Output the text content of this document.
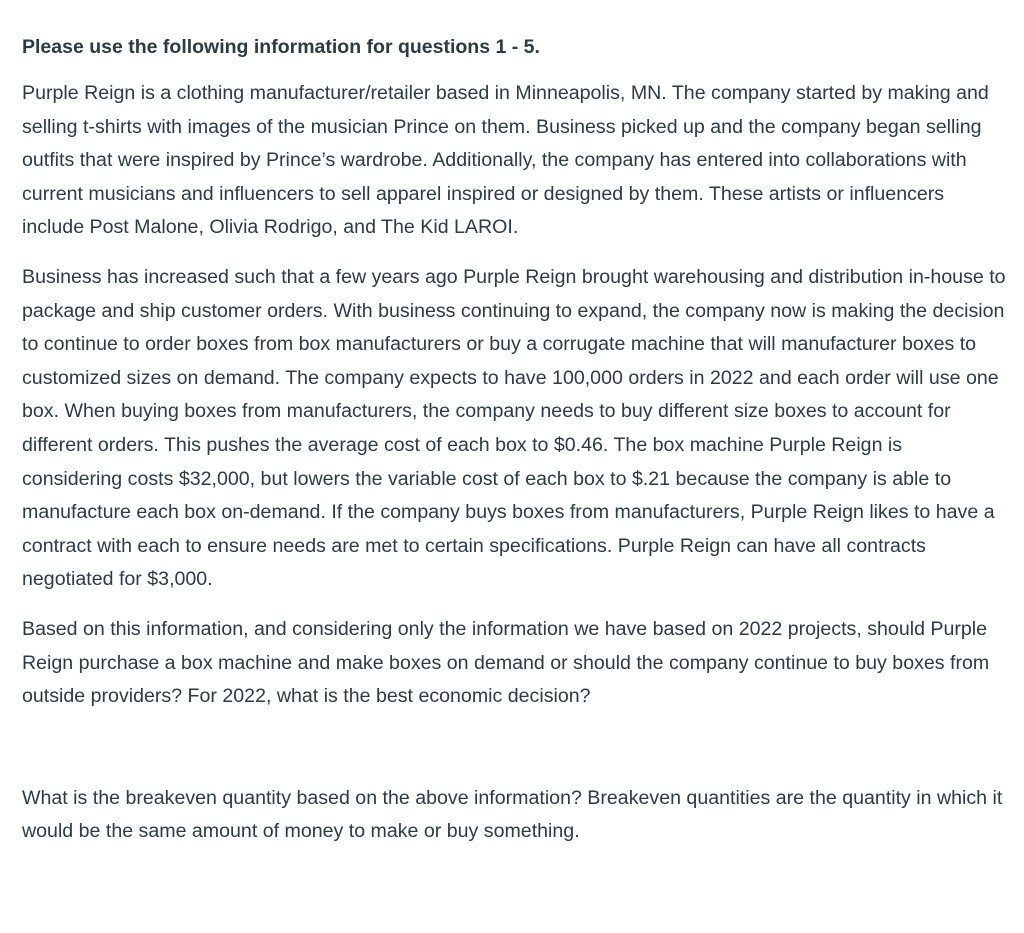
Please use the following information for questions 1 - 5.

Purple Reign is a clothing manufacturer/retailer based in Minneapolis, MN. The company started by making and selling t-shirts with images of the musician Prince on them. Business picked up and the company began selling outfits that were inspired by Prince’s wardrobe. Additionally, the company has entered into collaborations with current musicians and influencers to sell apparel inspired or designed by them. These artists or influencers include Post Malone, Olivia Rodrigo, and The Kid LAROI.

Business has increased such that a few years ago Purple Reign brought warehousing and distribution in-house to package and ship customer orders. With business continuing to expand, the company now is making the decision to continue to order boxes from box manufacturers or buy a corrugate machine that will manufacturer boxes to customized sizes on demand. The company expects to have 100,000 orders in 2022 and each order will use one box. When buying boxes from manufacturers, the company needs to buy different size boxes to account for different orders. This pushes the average cost of each box to $0.46. The box machine Purple Reign is considering costs $32,000, but lowers the variable cost of each box to $.21 because the company is able to manufacture each box on-demand. If the company buys boxes from manufacturers, Purple Reign likes to have a contract with each to ensure needs are met to certain specifications. Purple Reign can have all contracts negotiated for $3,000.

Based on this information, and considering only the information we have based on 2022 projects, should Purple Reign purchase a box machine and make boxes on demand or should the company continue to buy boxes from outside providers? For 2022, what is the best economic decision?

What is the breakeven quantity based on the above information? Breakeven quantities are the quantity in which it would be the same amount of money to make or buy something.
